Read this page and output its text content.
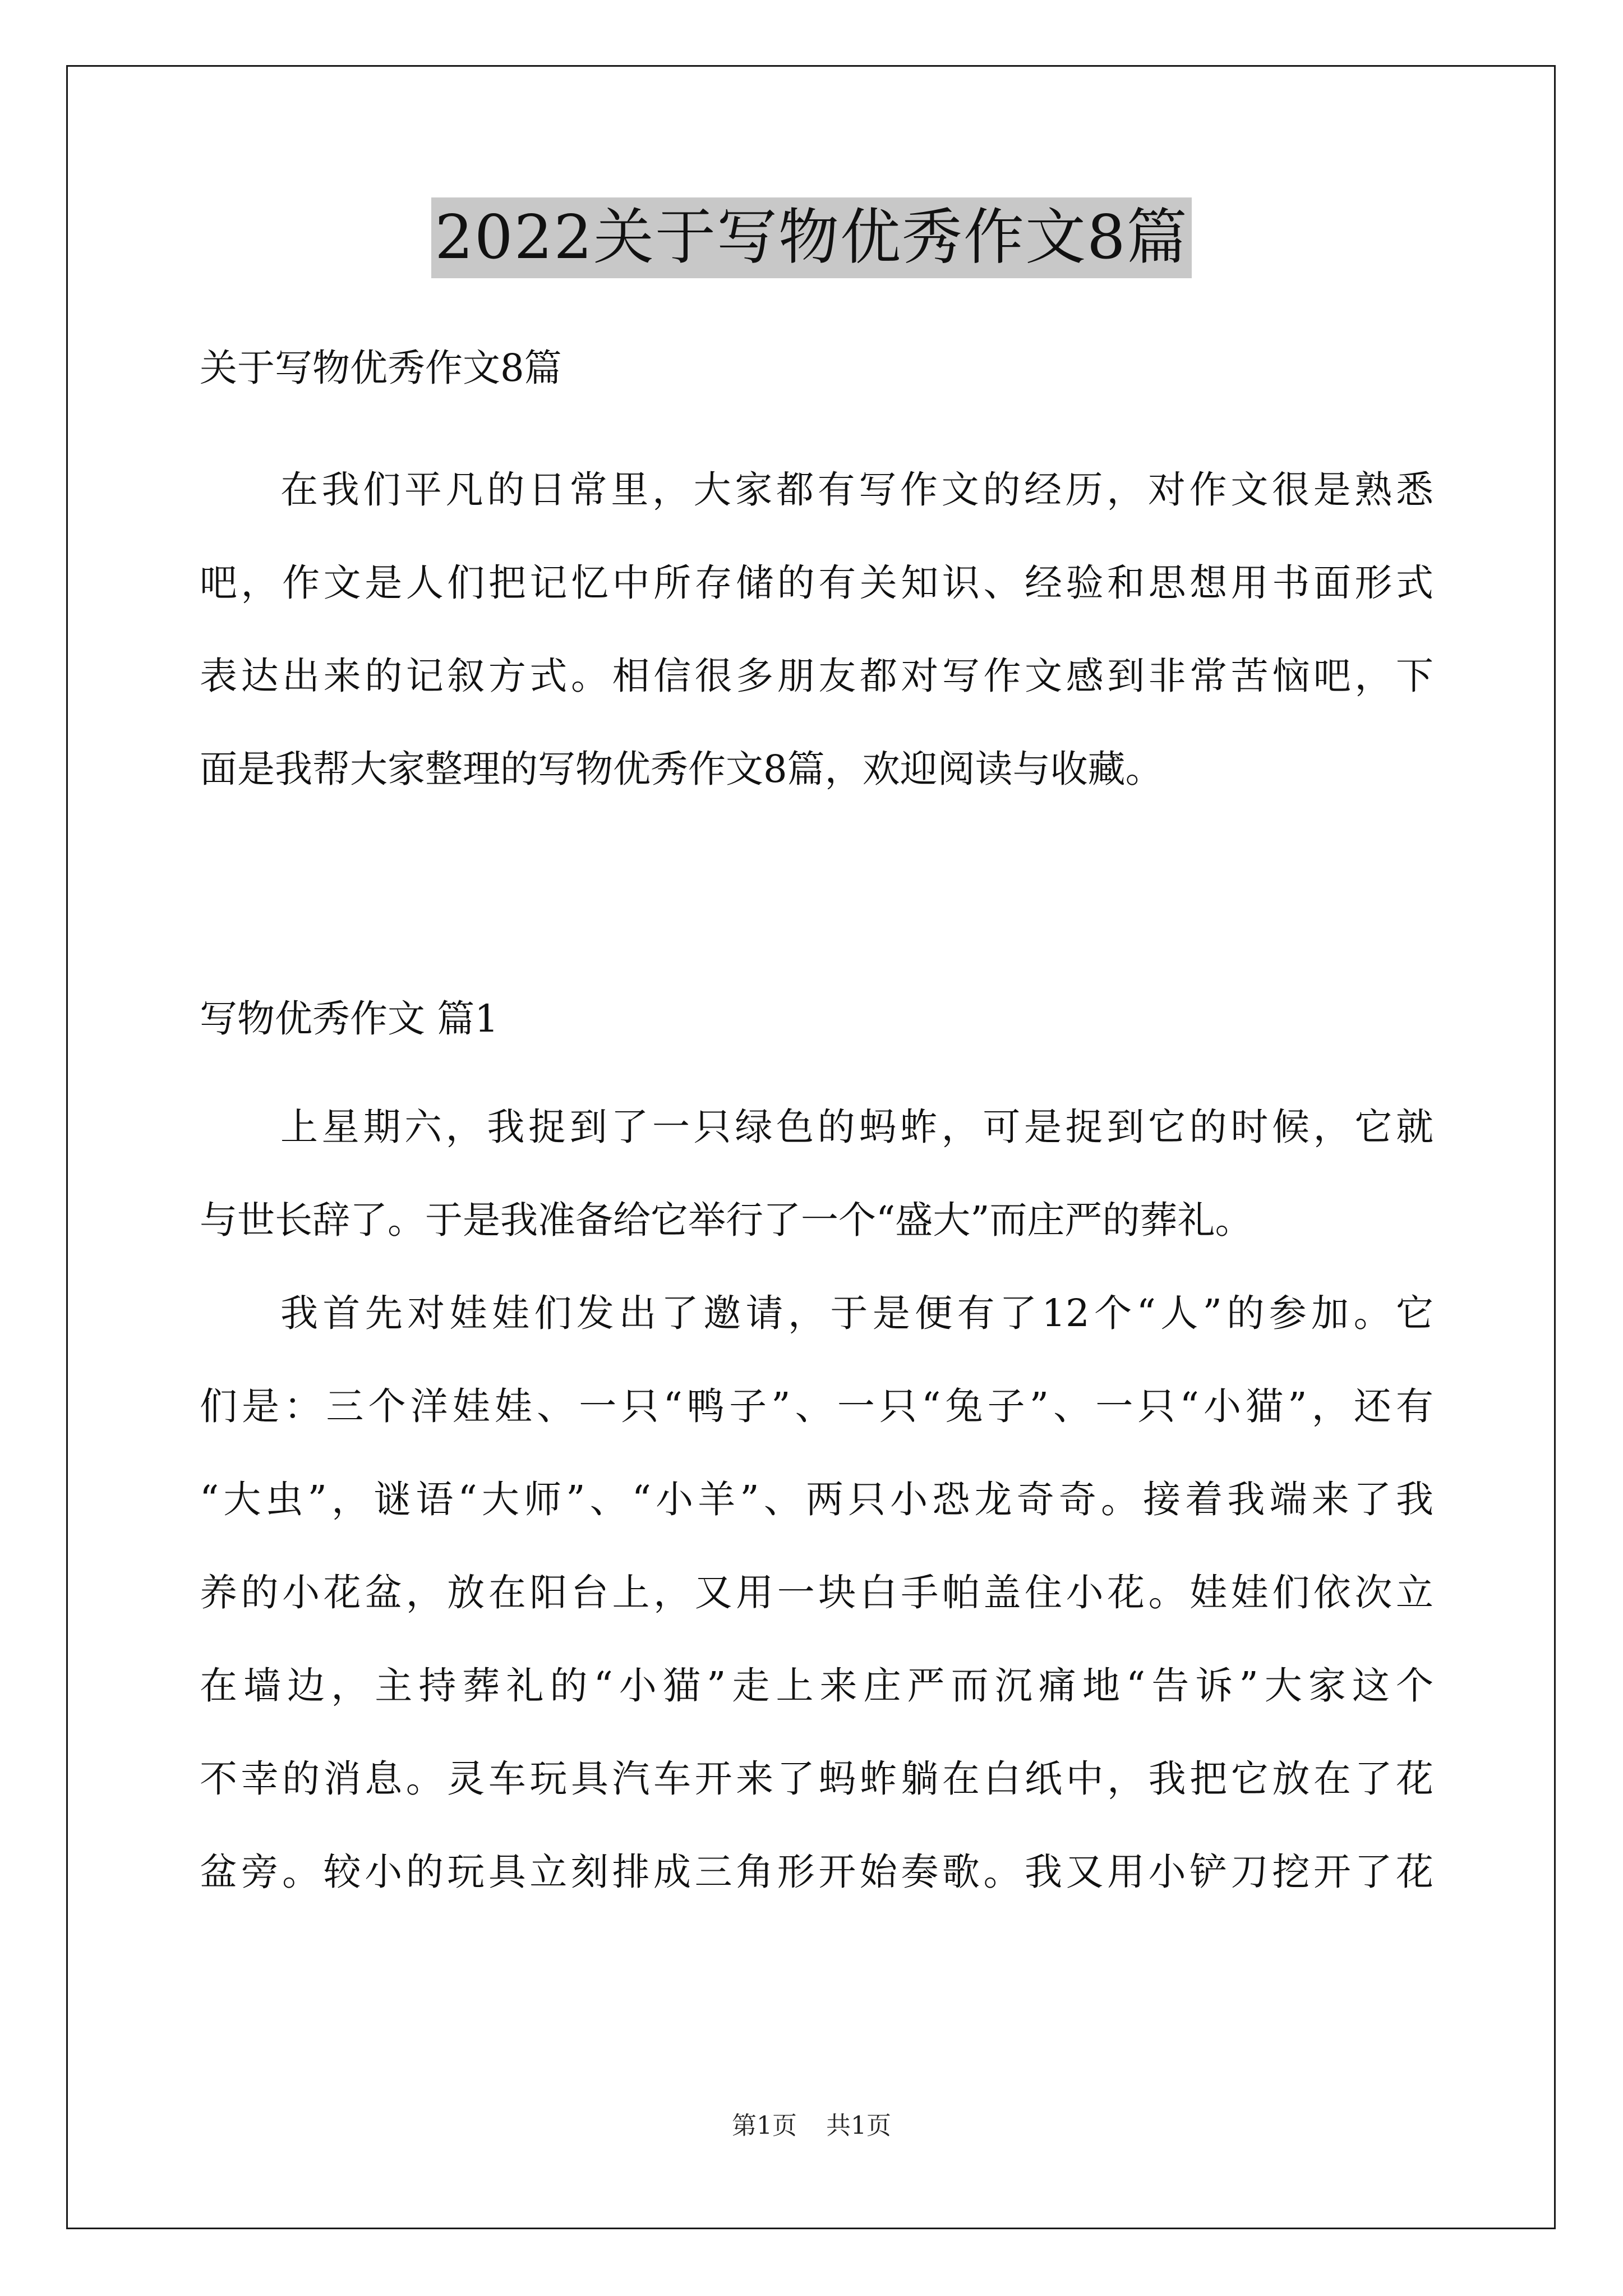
2022关于写物优秀作文8篇
关于写物优秀作文8篇
在我们平凡的日常里，大家都有写作文的经历，对作文很是熟悉
吧，作文是人们把记忆中所存储的有关知识、经验和思想用书面形式
表达出来的记叙方式。相信很多朋友都对写作文感到非常苦恼吧，下
面是我帮大家整理的写物优秀作文8篇，欢迎阅读与收藏。
写物优秀作文 篇1
上星期六，我捉到了一只绿色的蚂蚱，可是捉到它的时候，它就
与世长辞了。于是我准备给它举行了一个“盛大”而庄严的葬礼。
我首先对娃娃们发出了邀请，于是便有了12个“人”的参加。它
们是：三个洋娃娃、一只“鸭子”、一只“兔子”、一只“小猫”，还有
“大虫”，谜语“大师”、“小羊”、两只小恐龙奇奇。接着我端来了我
养的小花盆，放在阳台上，又用一块白手帕盖住小花。娃娃们依次立
在墙边，主持葬礼的“小猫”走上来庄严而沉痛地“告诉”大家这个
不幸的消息。灵车玩具汽车开来了蚂蚱躺在白纸中，我把它放在了花
盆旁。较小的玩具立刻排成三角形开始奏歌。我又用小铲刀挖开了花
第1页 共1页
